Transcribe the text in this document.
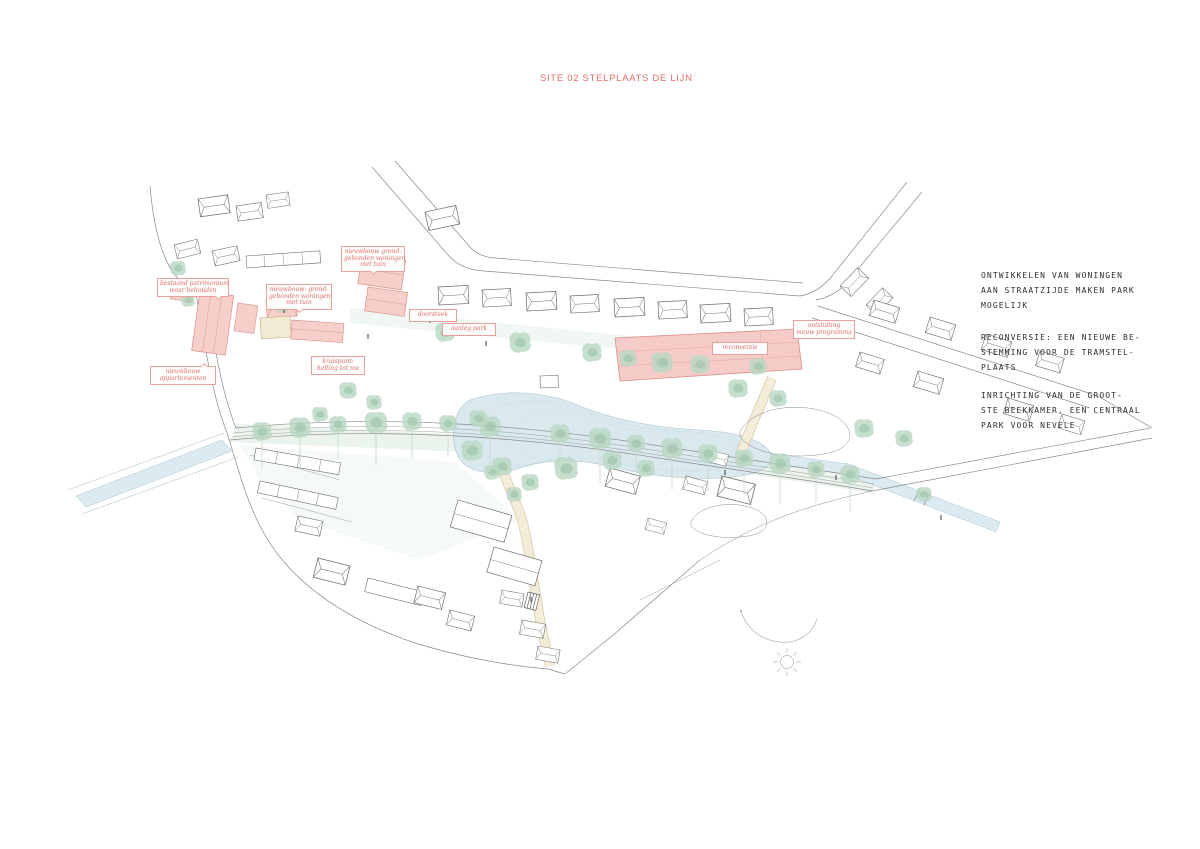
SITE 02 STELPLAATS DE LIJN
ONTWIKKELEN VAN WONINGEN
AAN STRAATZIJDE MAKEN PARK
MOGELIJK
RECONVERSIE: EEN NIEUWE BE-
STEMMING VOOR DE TRAMSTEL-
PLAATS
INRICHTING VAN DE GROOT-
STE BEEKKAMER, EEN CENTRAAL
PARK VOOR NEVELE
bestaand patrimonium
waar behouden
nieuwbouw
appartementen
nieuwbouw: grond-
gebonden woningen
met tuin
nieuwbouw grond-
gebonden woningen
met tuin
doorsteek
aanleg park
kruispunt:
helling tot nw
reconversie
ontsluiting
nieuw programma
